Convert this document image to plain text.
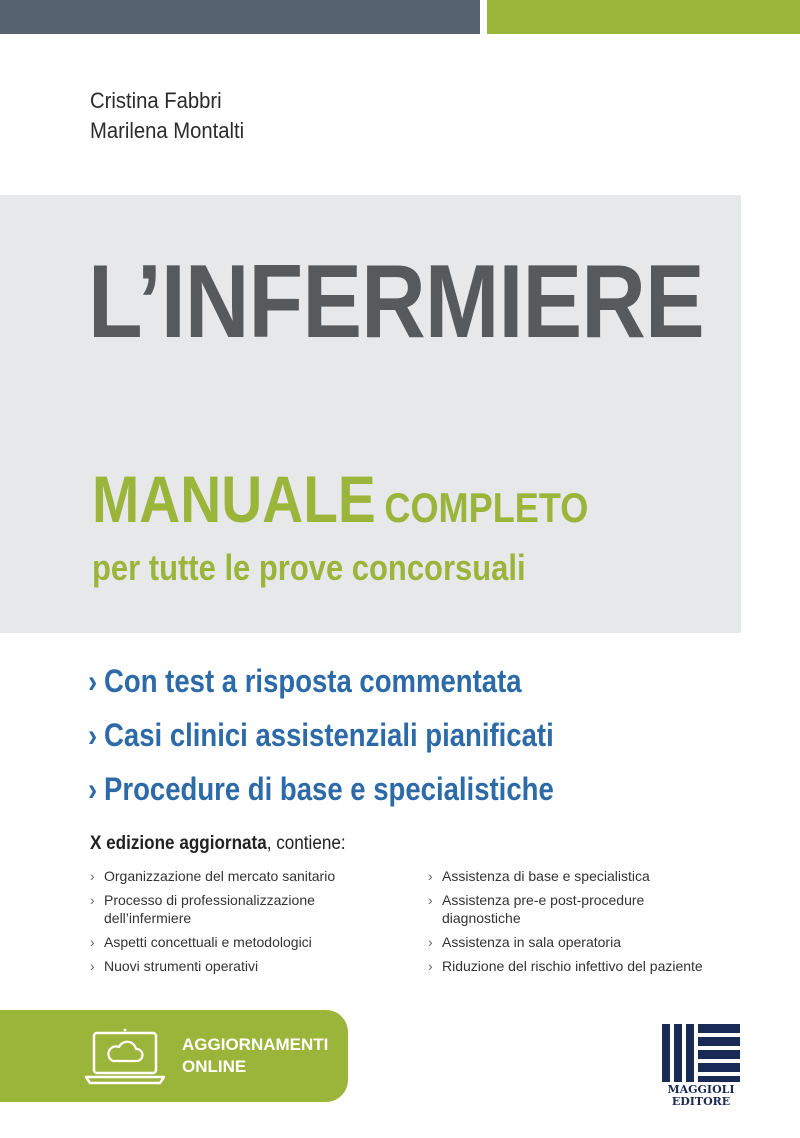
Cristina Fabbri
Marilena Montalti
L’INFERMIERE
MANUALE COMPLETO
per tutte le prove concorsuali
› Con test a risposta commentata
› Casi clinici assistenziali pianificati
› Procedure di base e specialistiche
X edizione aggiornata, contiene:
› Organizzazione del mercato sanitario
› Processo di professionalizzazione dell’infermiere
› Aspetti concettuali e metodologici
› Nuovi strumenti operativi
› Assistenza di base e specialistica
› Assistenza pre-e post-procedure diagnostiche
› Assistenza in sala operatoria
› Riduzione del rischio infettivo del paziente
AGGIORNAMENTI
ONLINE
MAGGIOLI
EDITORE
